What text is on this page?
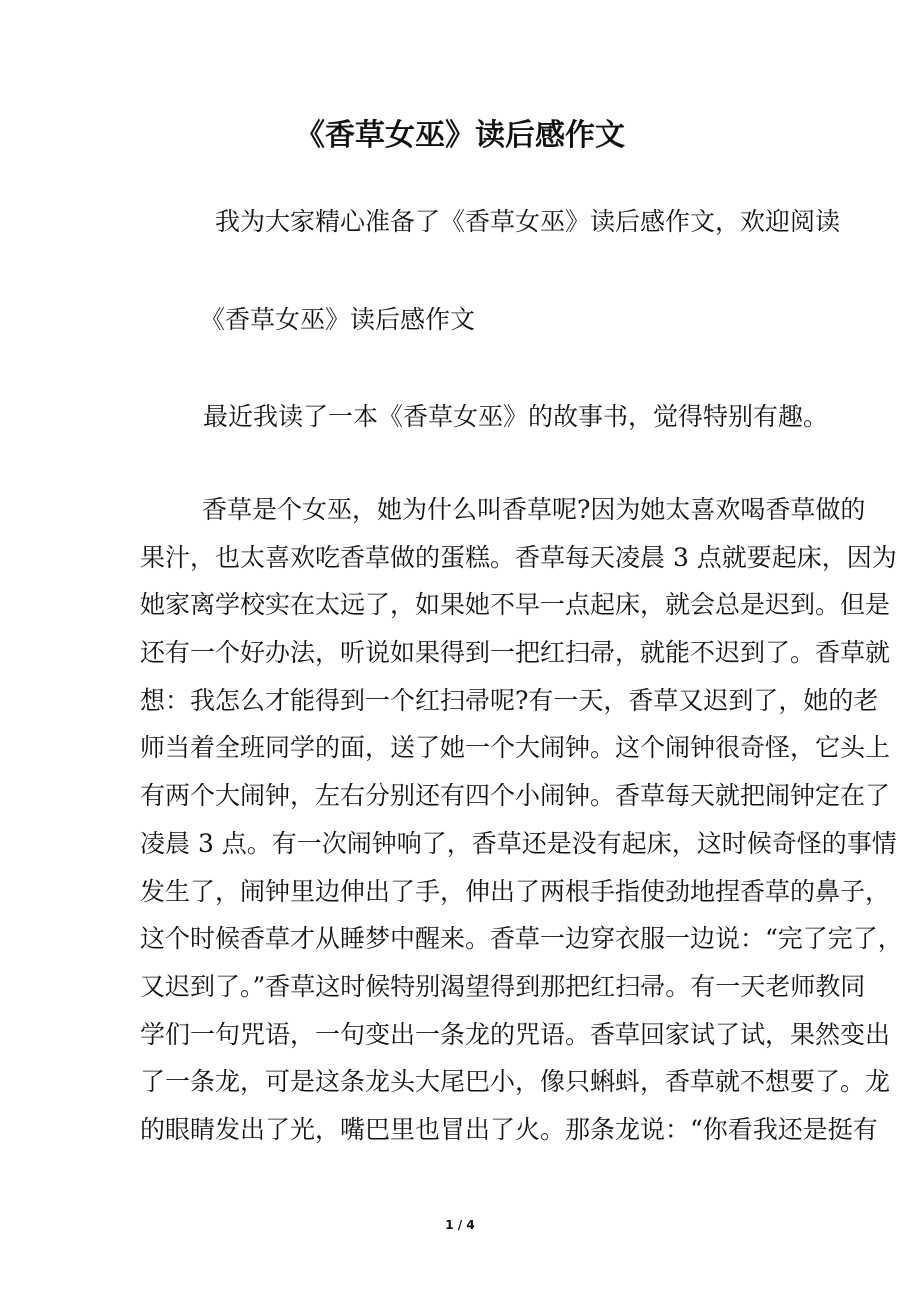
《香草女巫》读后感作文
我为大家精心准备了《香草女巫》读后感作文，欢迎阅读
《香草女巫》读后感作文
最近我读了一本《香草女巫》的故事书，觉得特别有趣。
香草是个女巫，她为什么叫香草呢?因为她太喜欢喝香草做的
果汁，也太喜欢吃香草做的蛋糕。香草每天凌晨 3 点就要起床，因为
她家离学校实在太远了，如果她不早一点起床，就会总是迟到。但是
还有一个好办法，听说如果得到一把红扫帚，就能不迟到了。香草就
想：我怎么才能得到一个红扫帚呢?有一天，香草又迟到了，她的老
师当着全班同学的面，送了她一个大闹钟。这个闹钟很奇怪，它头上
有两个大闹钟，左右分别还有四个小闹钟。香草每天就把闹钟定在了
凌晨 3 点。有一次闹钟响了，香草还是没有起床，这时候奇怪的事情
发生了，闹钟里边伸出了手，伸出了两根手指使劲地捏香草的鼻子，
这个时候香草才从睡梦中醒来。香草一边穿衣服一边说：“完了完了，
又迟到了。”香草这时候特别渴望得到那把红扫帚。有一天老师教同
学们一句咒语，一句变出一条龙的咒语。香草回家试了试，果然变出
了一条龙，可是这条龙头大尾巴小，像只蝌蚪，香草就不想要了。龙
的眼睛发出了光，嘴巴里也冒出了火。那条龙说：“你看我还是挺有
1 / 4
